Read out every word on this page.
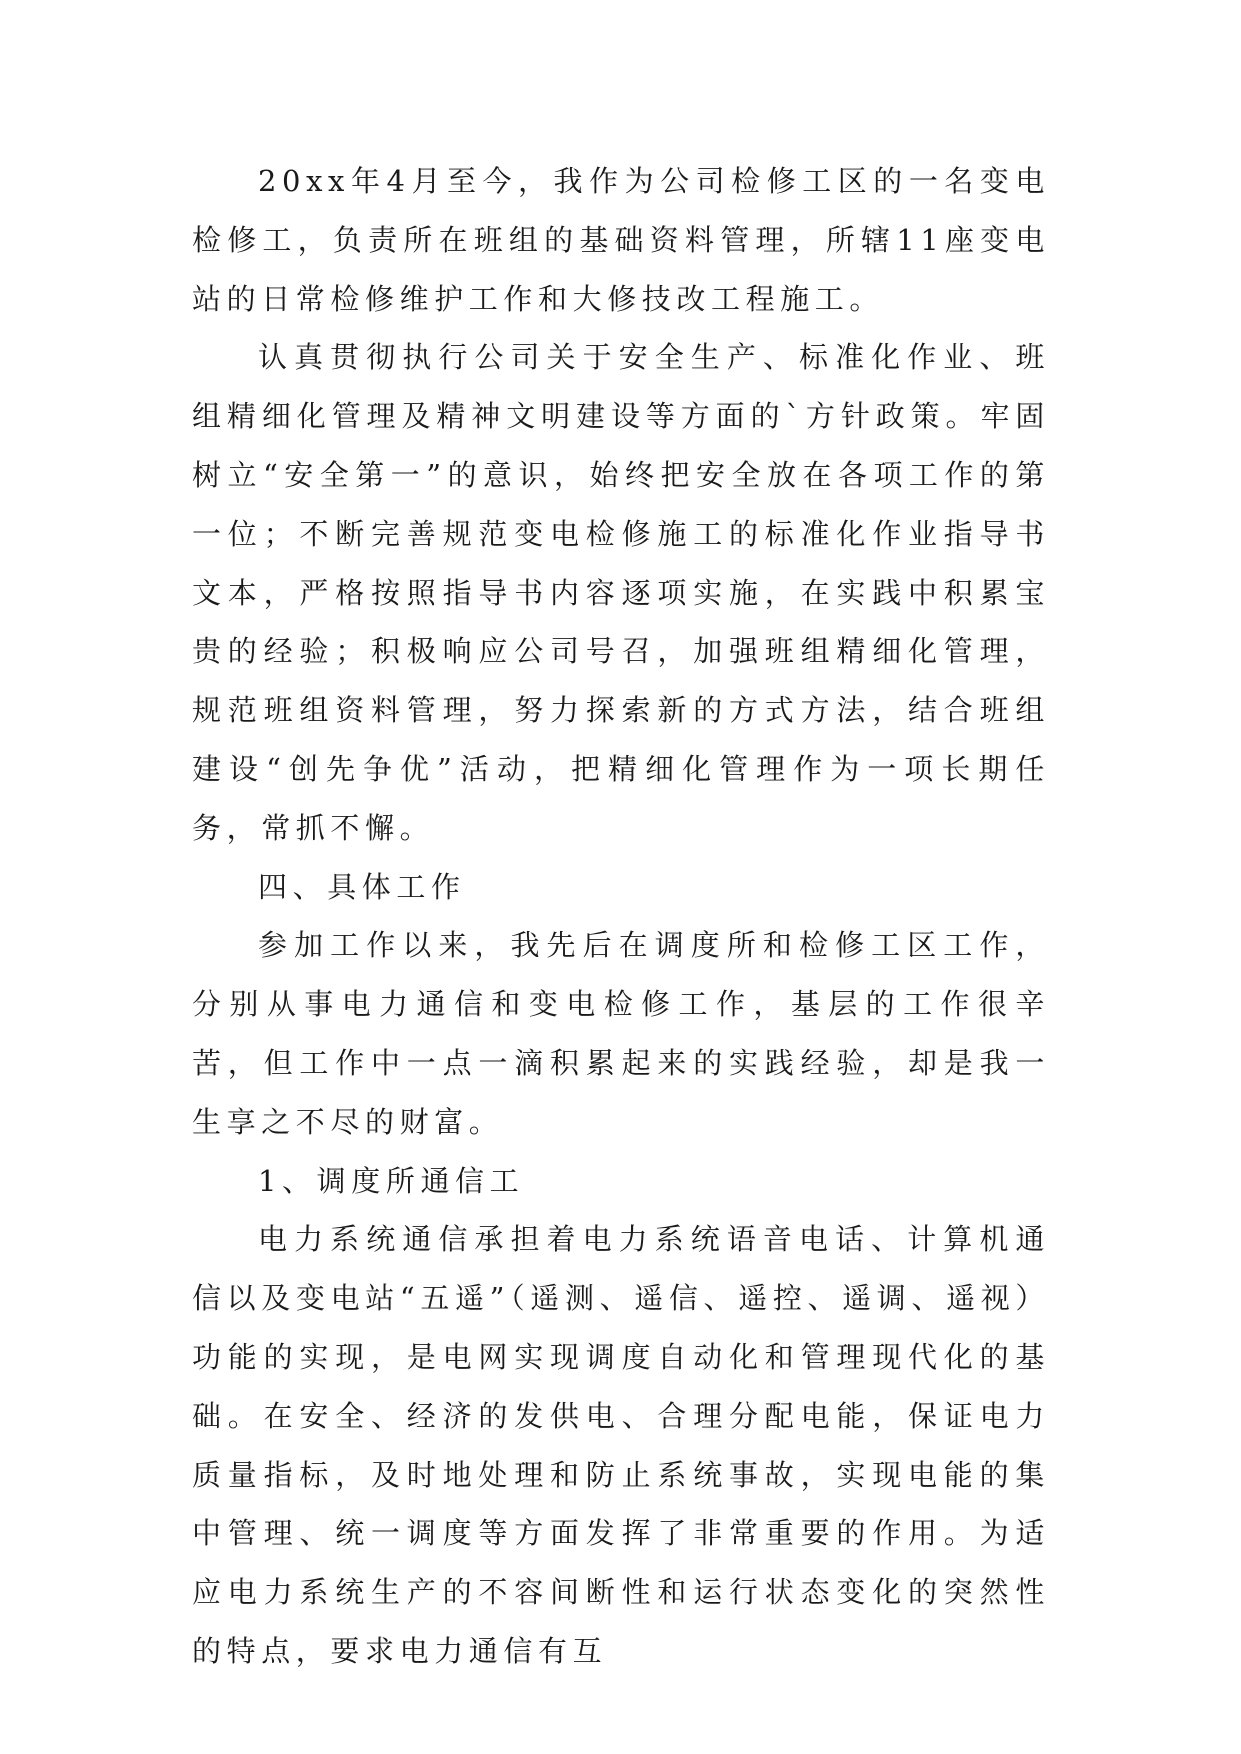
20xx年4月至今，我作为公司检修工区的一名变电检修工，负责所在班组的基础资料管理，所辖11座变电站的日常检修维护工作和大修技改工程施工。

认真贯彻执行公司关于安全生产、标准化作业、班组精细化管理及精神文明建设等方面的`方针政策。牢固树立“安全第一”的意识，始终把安全放在各项工作的第一位；不断完善规范变电检修施工的标准化作业指导书文本，严格按照指导书内容逐项实施，在实践中积累宝贵的经验；积极响应公司号召，加强班组精细化管理，规范班组资料管理，努力探索新的方式方法，结合班组建设“创先争优”活动，把精细化管理作为一项长期任务，常抓不懈。

四、具体工作

参加工作以来，我先后在调度所和检修工区工作，分别从事电力通信和变电检修工作，基层的工作很辛苦，但工作中一点一滴积累起来的实践经验，却是我一生享之不尽的财富。

1、调度所通信工

电力系统通信承担着电力系统语音电话、计算机通信以及变电站“五遥”（遥测、遥信、遥控、遥调、遥视）功能的实现，是电网实现调度自动化和管理现代化的基础。在安全、经济的发供电、合理分配电能，保证电力质量指标，及时地处理和防止系统事故，实现电能的集中管理、统一调度等方面发挥了非常重要的作用。为适应电力系统生产的不容间断性和运行状态变化的突然性的特点，要求电力通信有互
